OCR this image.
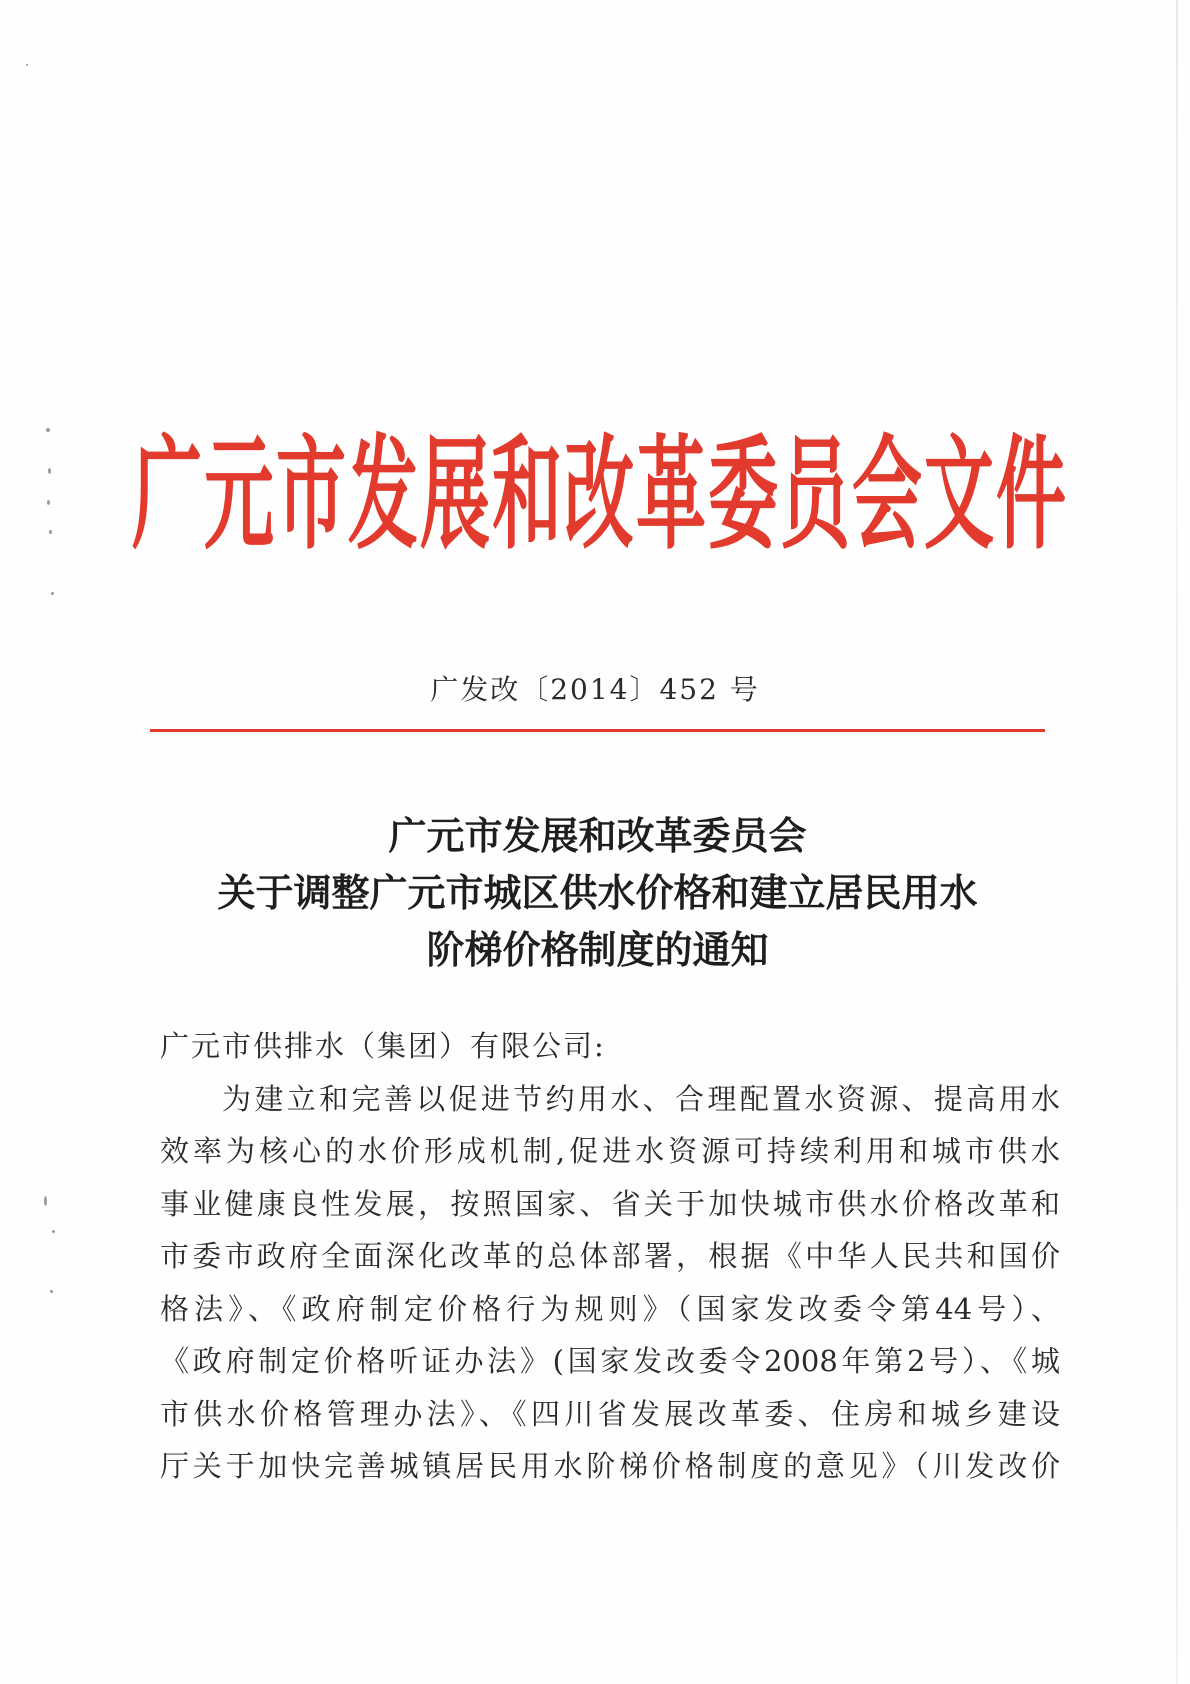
广元市发展和改革委员会文件
广发改〔2014〕452 号
广元市发展和改革委员会
关于调整广元市城区供水价格和建立居民用水
阶梯价格制度的通知
广元市供排水（集团）有限公司:
为建立和完善以促进节约用水、合理配置水资源、提高用水
效率为核心的水价形成机制,促进水资源可持续利用和城市供水
事业健康良性发展，按照国家、省关于加快城市供水价格改革和
市委市政府全面深化改革的总体部署，根据《中华人民共和国价
格法》、《政府制定价格行为规则》（国家发改委令第44号）、
《政府制定价格听证办法》(国家发改委令2008年第2号）、《城
市供水价格管理办法》、《四川省发展改革委、住房和城乡建设
厅关于加快完善城镇居民用水阶梯价格制度的意见》（川发改价
